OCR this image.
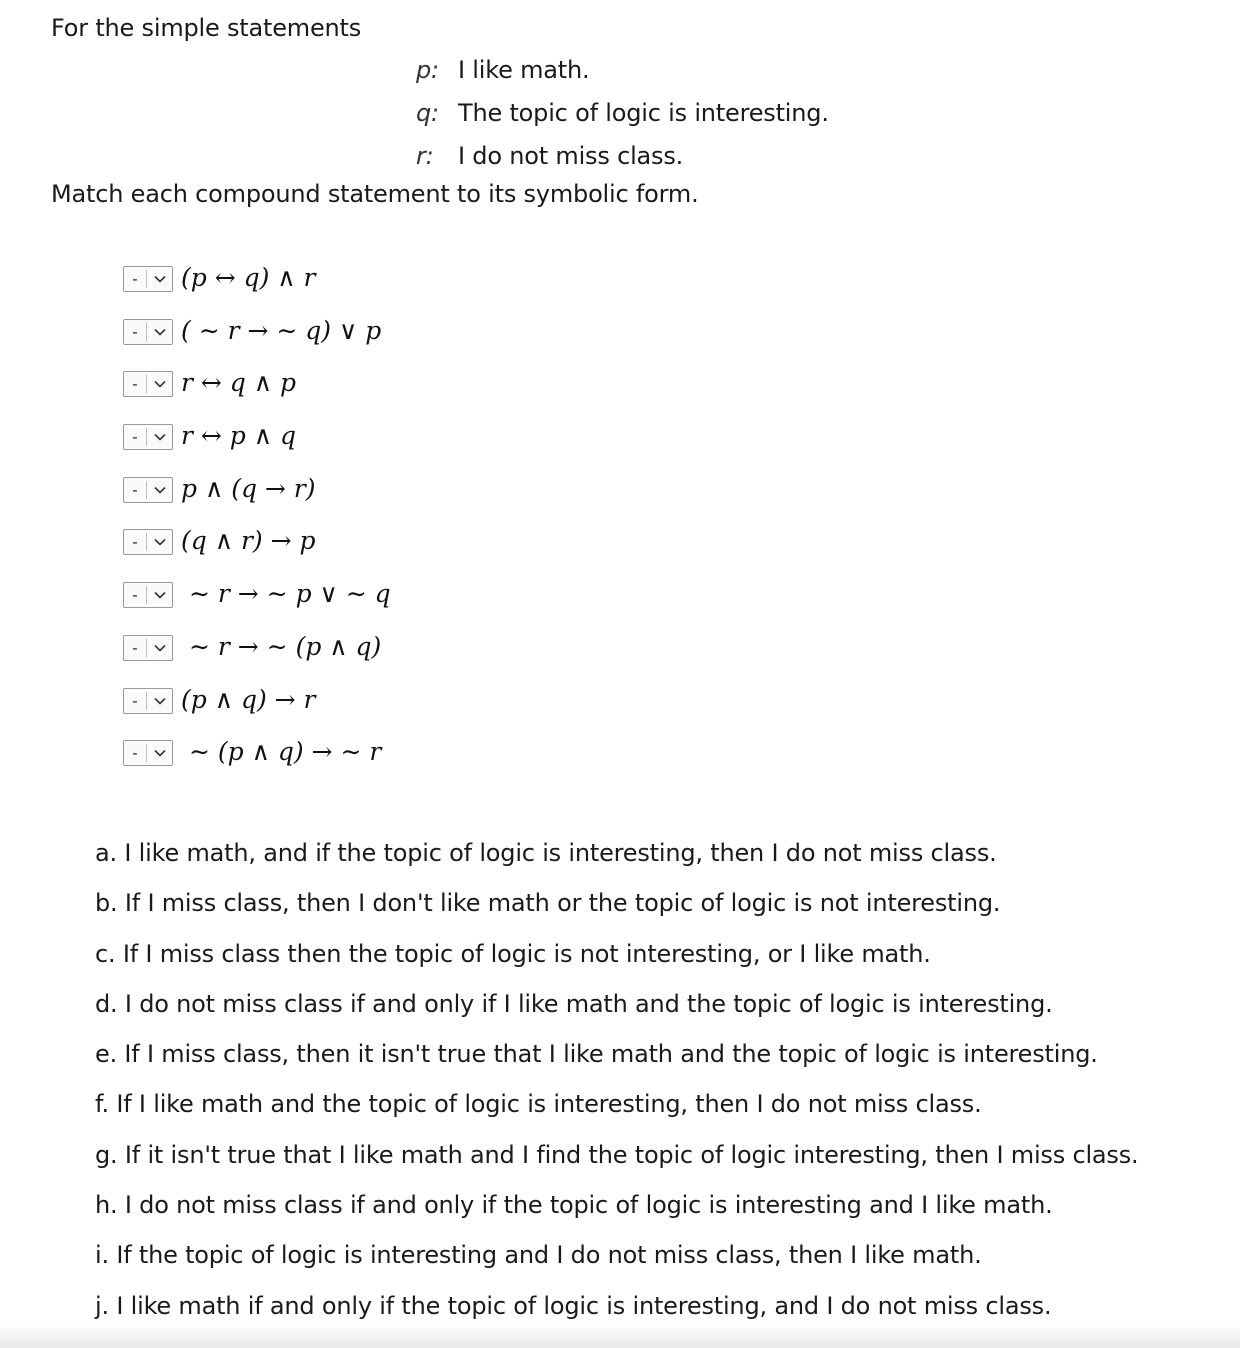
For the simple statements
p: I like math.
q: The topic of logic is interesting.
r:	I do not miss class.
Match each compound statement to its symbolic form.
-	(p ↔ q) ∧ r
-	( ∼ r → ∼ q) ∨ p
-	r ↔ q ∧ p
-	r ↔ p ∧ q
-	p ∧ (q → r)
-	(q ∧ r) → p
-	∼ r → ∼ p ∨ ∼ q
-	∼ r → ∼ (p ∧ q)
-	(p ∧ q) → r
-	∼ (p ∧ q) → ∼ r
a. I like math, and if the topic of logic is interesting, then I do not miss class.
b. If I miss class, then I don't like math or the topic of logic is not interesting.
c. If I miss class then the topic of logic is not interesting, or I like math.
d. I do not miss class if and only if I like math and the topic of logic is interesting.
e. If I miss class, then it isn't true that I like math and the topic of logic is interesting.
f. If I like math and the topic of logic is interesting, then I do not miss class.
g. If it isn't true that I like math and I find the topic of logic interesting, then I miss class.
h. I do not miss class if and only if the topic of logic is interesting and I like math.
i. If the topic of logic is interesting and I do not miss class, then I like math.
j. I like math if and only if the topic of logic is interesting, and I do not miss class.
